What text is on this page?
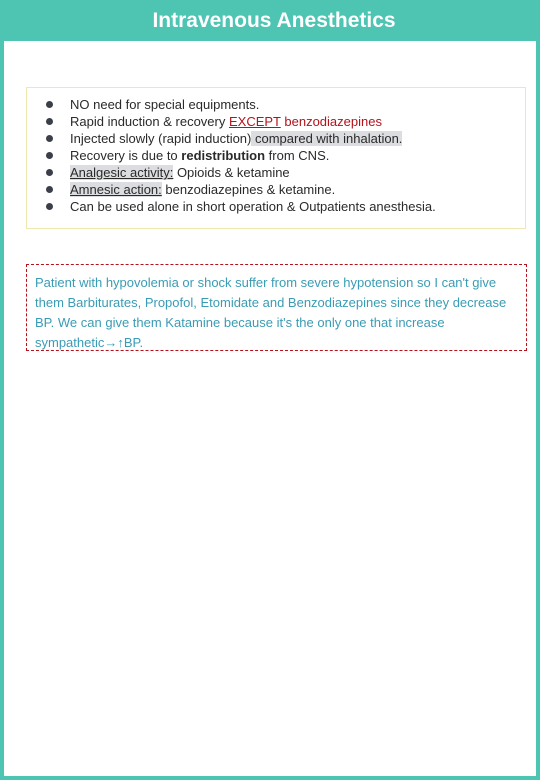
Intravenous Anesthetics
NO need for special equipments.
Rapid induction & recovery EXCEPT benzodiazepines
Injected slowly (rapid induction) compared with inhalation.
Recovery is due to redistribution from CNS.
Analgesic activity: Opioids & ketamine
Amnesic action: benzodiazepines & ketamine.
Can be used alone in short operation & Outpatients anesthesia.
Patient with hypovolemia or shock suffer from severe hypotension so I can't give them Barbiturates, Propofol, Etomidate and Benzodiazepines since they decrease BP. We can give them Katamine because it's the only one that increase sympathetic→↑BP.
